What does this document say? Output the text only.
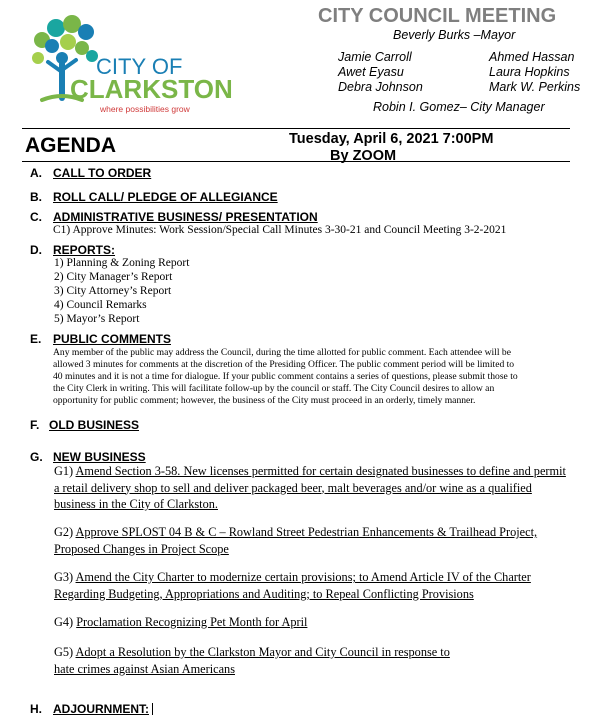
CITY OF
CLARKSTON
where possibilities grow
CITY COUNCIL MEETING
Beverly Burks –Mayor
Jamie Carroll
Awet Eyasu
Debra Johnson
Ahmed Hassan
Laura Hopkins
Mark W. Perkins
Robin I. Gomez– City Manager
AGENDA	Tuesday, April 6, 2021 7:00PM
By ZOOM
A. CALL TO ORDER
B. ROLL CALL/ PLEDGE OF ALLEGIANCE
C. ADMINISTRATIVE BUSINESS/ PRESENTATION
C1) Approve Minutes: Work Session/Special Call Minutes 3-30-21 and Council Meeting 3-2-2021
D. REPORTS:
1) Planning & Zoning Report
2) City Manager’s Report
3) City Attorney’s Report
4) Council Remarks
5) Mayor’s Report
E. PUBLIC COMMENTS
Any member of the public may address the Council, during the time allotted for public comment. Each attendee will be
allowed 3 minutes for comments at the discretion of the Presiding Officer. The public comment period will be limited to
40 minutes and it is not a time for dialogue. If your public comment contains a series of questions, please submit those to
the City Clerk in writing. This will facilitate follow-up by the council or staff. The City Council desires to allow an
opportunity for public comment; however, the business of the City must proceed in an orderly, timely manner.
F. OLD BUSINESS
G. NEW BUSINESS
G1) Amend Section 3-58. New licenses permitted for certain designated businesses to define and permit
a retail delivery shop to sell and deliver packaged beer, malt beverages and/or wine as a qualified
business in the City of Clarkston.
G2) Approve SPLOST 04 B & C – Rowland Street Pedestrian Enhancements & Trailhead Project,
Proposed Changes in Project Scope
G3) Amend the City Charter to modernize certain provisions; to Amend Article IV of the Charter
Regarding Budgeting, Appropriations and Auditing; to Repeal Conflicting Provisions
G4) Proclamation Recognizing Pet Month for April
G5) Adopt a Resolution by the Clarkston Mayor and City Council in response to
hate crimes against Asian Americans
H. ADJOURNMENT:
